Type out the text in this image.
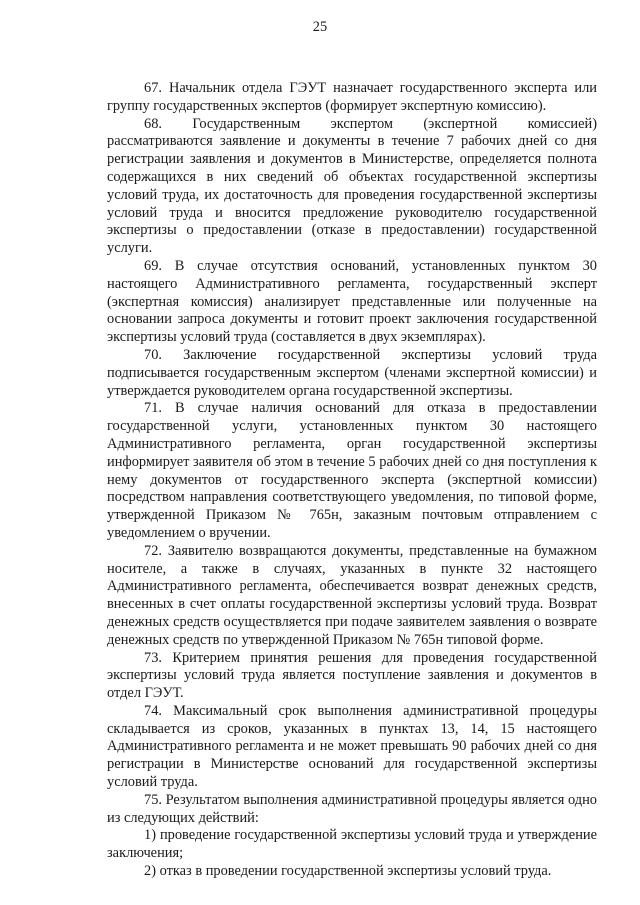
25

67. Начальник отдела ГЭУТ назначает государственного эксперта или группу государственных экспертов (формирует экспертную комиссию).

68. Государственным экспертом (экспертной комиссией) рассматриваются заявление и документы в течение 7 рабочих дней со дня регистрации заявления и документов в Министерстве, определяется полнота содержащихся в них сведений об объектах государственной экспертизы условий труда, их достаточность для проведения государственной экспертизы условий труда и вносится предложение руководителю государственной экспертизы о предоставлении (отказе в предоставлении) государственной услуги.

69. В случае отсутствия оснований, установленных пунктом 30 настоящего Административного регламента, государственный эксперт (экспертная комиссия) анализирует представленные или полученные на основании запроса документы и готовит проект заключения государственной экспертизы условий труда (составляется в двух экземплярах).

70. Заключение государственной экспертизы условий труда подписывается государственным экспертом (членами экспертной комиссии) и утверждается руководителем органа государственной экспертизы.

71. В случае наличия оснований для отказа в предоставлении государственной услуги, установленных пунктом 30 настоящего Административного регламента, орган государственной экспертизы информирует заявителя об этом в течение 5 рабочих дней со дня поступления к нему документов от государственного эксперта (экспертной комиссии) посредством направления соответствующего уведомления, по типовой форме, утвержденной Приказом № 765н, заказным почтовым отправлением с уведомлением о вручении.

72. Заявителю возвращаются документы, представленные на бумажном носителе, а также в случаях, указанных в пункте 32 настоящего Административного регламента, обеспечивается возврат денежных средств, внесенных в счет оплаты государственной экспертизы условий труда. Возврат денежных средств осуществляется при подаче заявителем заявления о возврате денежных средств по утвержденной Приказом № 765н типовой форме.

73. Критерием принятия решения для проведения государственной экспертизы условий труда является поступление заявления и документов в отдел ГЭУТ.

74. Максимальный срок выполнения административной процедуры складывается из сроков, указанных в пунктах 13, 14, 15 настоящего Административного регламента и не может превышать 90 рабочих дней со дня регистрации в Министерстве оснований для государственной экспертизы условий труда.

75. Результатом выполнения административной процедуры является одно из следующих действий:

1) проведение государственной экспертизы условий труда и утверждение заключения;

2) отказ в проведении государственной экспертизы условий труда.
